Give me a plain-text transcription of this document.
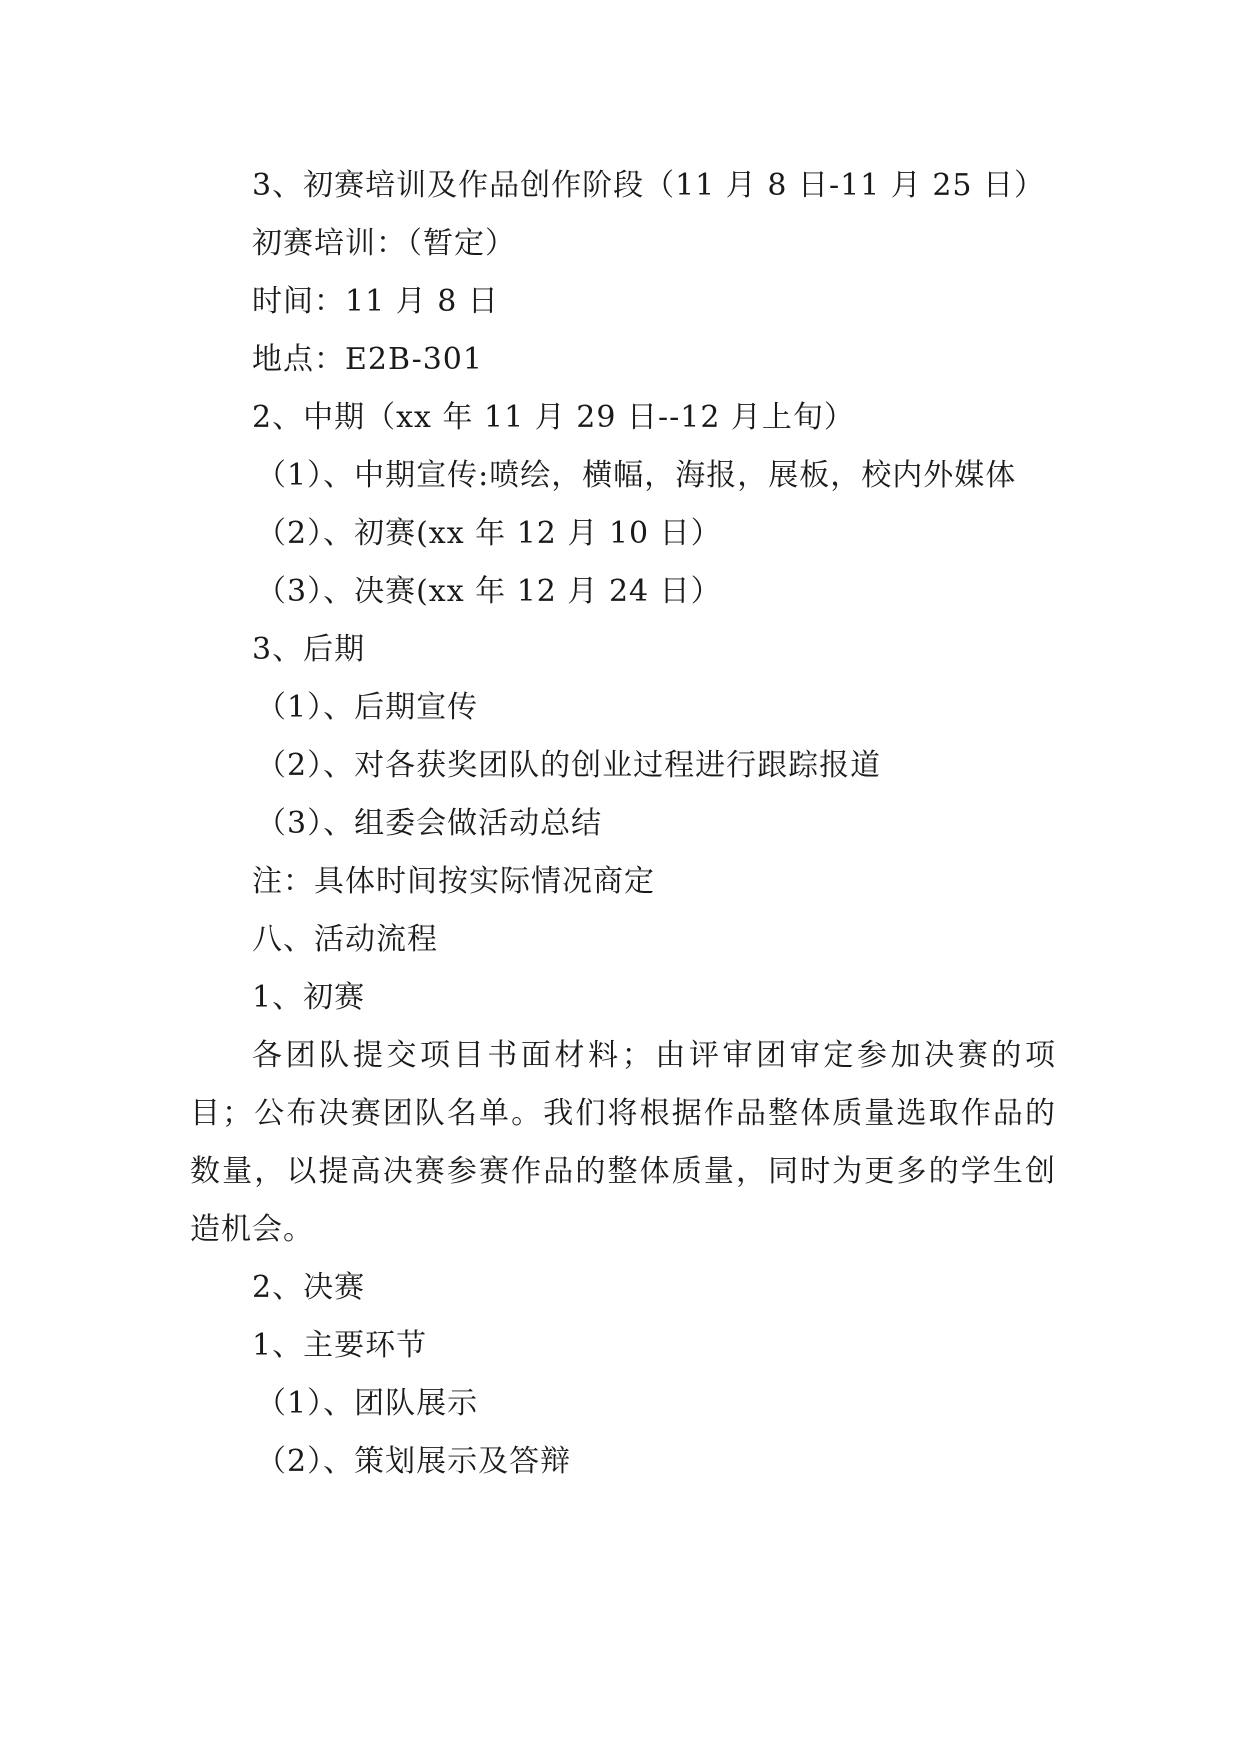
3、初赛培训及作品创作阶段（11 月 8 日-11 月 25 日）
初赛培训：（暂定）
时间：11 月 8 日
地点：E2B-301
2、中期（xx 年 11 月 29 日--12 月上旬）

（1）、中期宣传:喷绘，横幅，海报，展板，校内外媒体

（2）、初赛(xx 年 12 月 10 日）
（3）、决赛(xx 年 12 月 24 日）
3、后期
（1）、后期宣传
（2）、对各获奖团队的创业过程进行跟踪报道
（3）、组委会做活动总结
注：具体时间按实际情况商定
八、活动流程
1、初赛

各团队提交项目书面材料；由评审团审定参加决赛的项目；公布决赛团队名单。我们将根据作品整体质量选取作品的数量，以提高决赛参赛作品的整体质量，同时为更多的学生创造机会。

2、决赛
1、主要环节
（1）、团队展示
（2）、策划展示及答辩
